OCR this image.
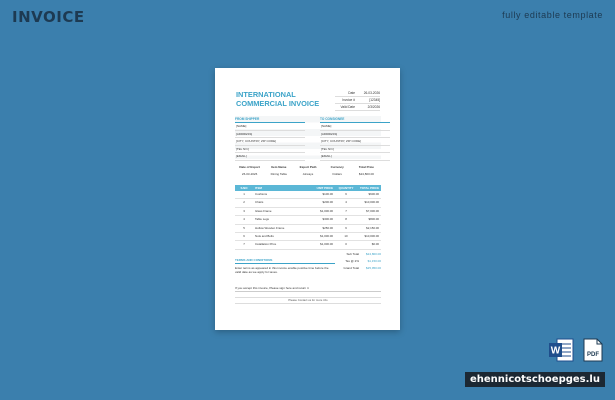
INVOICE	fully editable template
INTERNATIONAL
COMMERCIAL INVOICE
Date	26-03-2026
Invoice #	[12345]
Valid Date	2/3/2026
FROM SHIPPER
[NAME]
[ADDRESS]
[CITY, COUNTRY, ZIP CODE]
[TEL NO.]
[EMAIL]
TO CONSIGNEE
[NAME]
[ADDRESS]
[CITY, COUNTRY, ZIP CODE]
[TEL NO.]
[EMAIL]
Date of Export	Item Name	Export Path	Currency	Total Price
26-03-2026	Dining Table	Airways	Dollars	$24,800.00
S.NO	ITEM	UNIT PRICE	QUANTITY	TOTAL PRICE
1	Cushions	$100.00	6	$600.00
2	Chairs	$200.00	4	$10,000.00
3	Glass Frame	$1,000.00	7	$7,000.00
4	Table Legs	$300.00	8	$800.00
5	Hollow Wooden Frame	$250.00	6	$2,150.00
6	Nuts and Bolts	$1,000.00	10	$10,000.00
7	Installation Price	$1,000.00	0	$0.00
Sub Total	$24,800.00
Tax @ 2%	$1,150.00
Grand Total	$25,950.00
TERMS AND CONDITIONS
Enter terms as appeared in this invoice enable positive time before the valid date as we apply for taxes.
If you accept this invoice, Please sign here and return it
Please Contact us for more info
W	PDF
ehennicotschoepges.lu
